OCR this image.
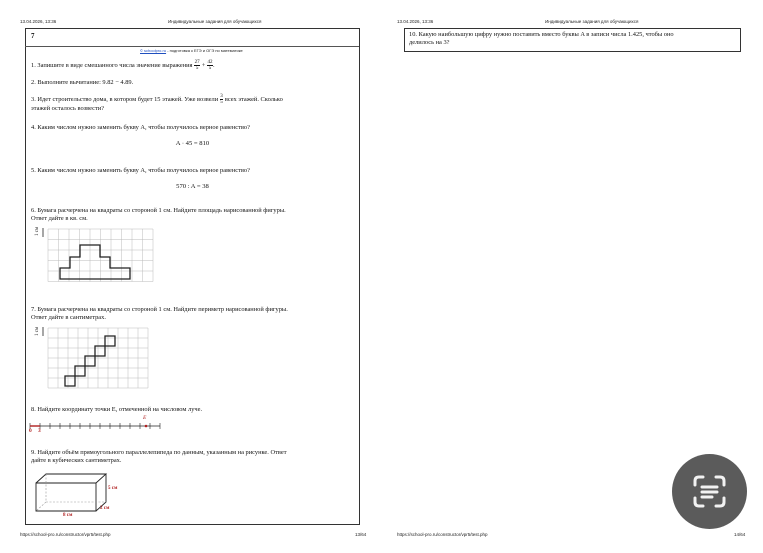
13.04.2026, 13:36	Индивидуальные задания для обучающихся	13.04.2026, 13:36	Индивидуальные задания для обучающихся
7
© schoolpro.ru - подготовка к ЕГЭ и ОГЭ по математике
1. Запишите в виде смешанного числа значение выражения $\frac{27}{5} + \frac{42}{5}$ .
2. Выполните вычитание: 9.82 − 4.89.
3. Идет строительство дома, в котором будет 15 этажей. Уже возвели $\frac{3}{5}$ всех этажей. Сколько
этажей осталось возвести?
4. Каким числом нужно заменить букву A, чтобы получилось верное равенство?
A · 45 = 810
5. Каким числом нужно заменить букву A, чтобы получилось верное равенство?
570 : A = 38
6. Бумага расчерчена на квадраты со стороной 1 см. Найдите площадь нарисованной фигуры.
Ответ дайте в кв. см.
1 см
7. Бумага расчерчена на квадраты со стороной 1 см. Найдите периметр нарисованной фигуры.
Ответ дайте в сантиметрах.
1 см
8. Найдите координату точки E, отмеченной на числовом луче.
0 3
E
9. Найдите объём прямоугольного параллелепипеда по данным, указанным на рисунке. Ответ
дайте в кубических сантиметрах.
5 см
2 см
8 см
https://school-pro.ru/constructor/vpr5/test.php	13/64
10. Какую наибольшую цифру нужно поставить вместо буквы A в записи числа 1.425, чтобы оно
делилось на 3?
https://school-pro.ru/constructor/vpr5/test.php	14/64
